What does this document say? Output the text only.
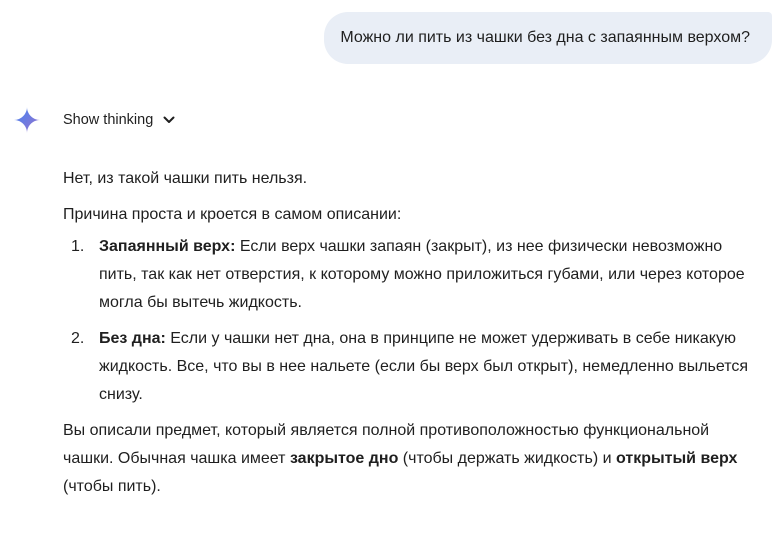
Можно ли пить из чашки без дна с запаянным верхом?
Show thinking

Нет, из такой чашки пить нельзя.

Причина проста и кроется в самом описании:

1. Запаянный верх: Если верх чашки запаян (закрыт), из нее физически невозможно пить, так как нет отверстия, к которому можно приложиться губами, или через которое могла бы вытечь жидкость.
2. Без дна: Если у чашки нет дна, она в принципе не может удерживать в себе никакую жидкость. Все, что вы в нее нальете (если бы верх был открыт), немедленно выльется снизу.

Вы описали предмет, который является полной противоположностью функциональной чашки. Обычная чашка имеет закрытое дно (чтобы держать жидкость) и открытый верх (чтобы пить).
